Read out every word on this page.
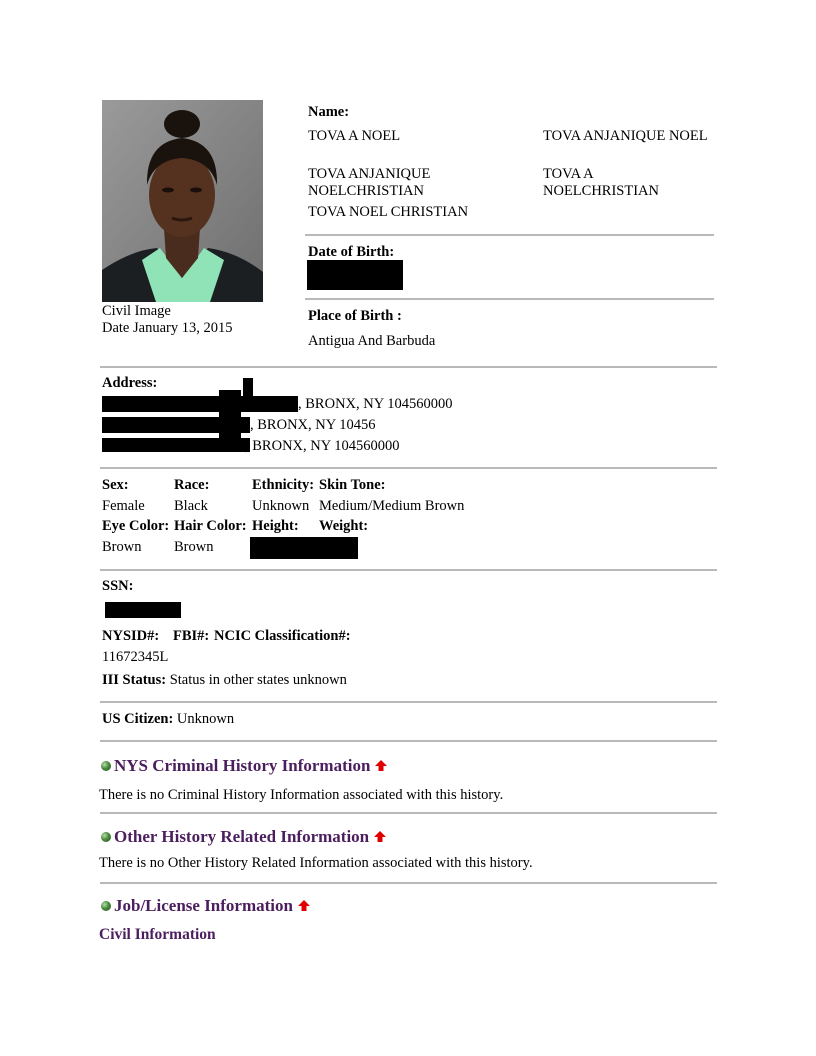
Civil Image
Date January 13, 2015
Name:
TOVA A NOEL	TOVA ANJANIQUE NOEL
TOVA ANJANIQUE NOELCHRISTIAN
TOVA A NOELCHRISTIAN
TOVA NOEL CHRISTIAN
Date of Birth:
Place of Birth :
Antigua And Barbuda
Address:
, BRONX, NY 104560000
, BRONX, NY 10456
, BRONX, NY 104560000
Sex:	Race:	Ethnicity: Skin Tone:
Female Black	Unknown Medium/Medium Brown
Eye Color: Hair Color: Height: Weight:
Brown Brown
SSN:
NYSID#: FBI#: NCIC Classification#:
11672345L
III Status: Status in other states unknown
US Citizen: Unknown
NYS Criminal History Information
There is no Criminal History Information associated with this history.
Other History Related Information
There is no Other History Related Information associated with this history.
Job/License Information
Civil Information
